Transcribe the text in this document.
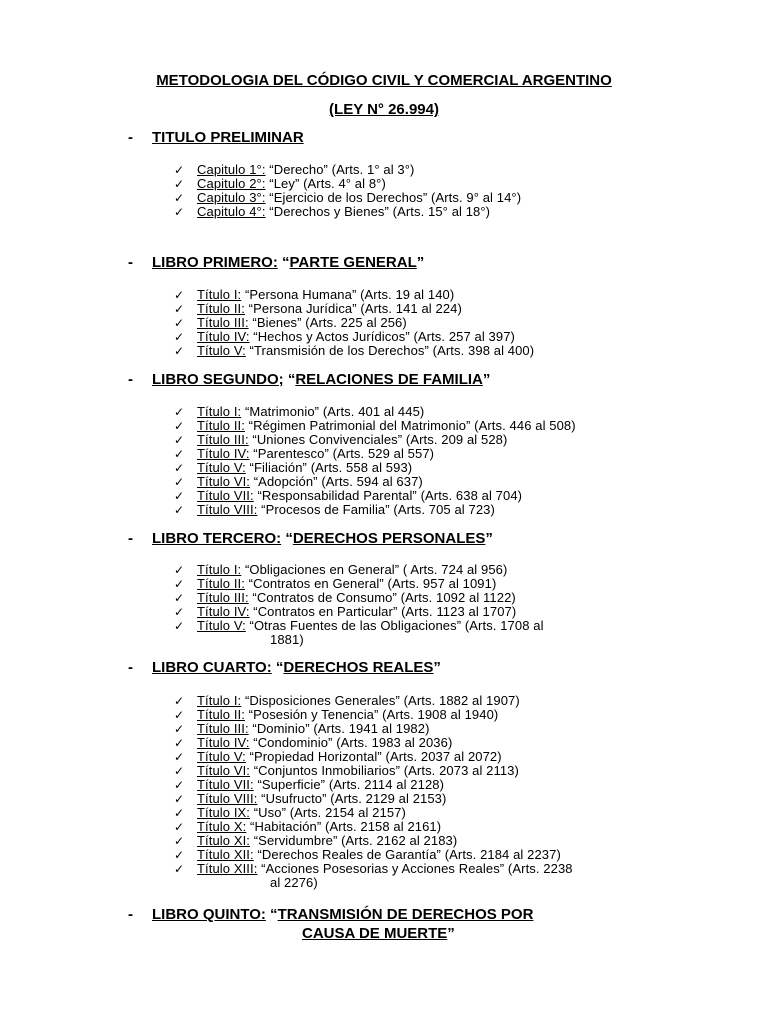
METODOLOGIA DEL CÓDIGO CIVIL Y COMERCIAL ARGENTINO
(LEY N° 26.994)
- TITULO PRELIMINAR
✓ Capitulo 1°: “Derecho” (Arts. 1° al 3°)
✓ Capitulo 2°: “Ley” (Arts. 4° al 8°)
✓ Capitulo 3°: “Ejercicio de los Derechos” (Arts. 9° al 14°)
✓ Capitulo 4°: “Derechos y Bienes” (Arts. 15° al 18°)
- LIBRO PRIMERO: “PARTE GENERAL”
✓ Título I: “Persona Humana” (Arts. 19 al 140)
✓ Título II: “Persona Jurídica” (Arts. 141 al 224)
✓ Título III: “Bienes” (Arts. 225 al 256)
✓ Título IV: “Hechos y Actos Jurídicos” (Arts. 257 al 397)
✓ Título V: “Transmisión de los Derechos” (Arts. 398 al 400)
- LIBRO SEGUNDO; “RELACIONES DE FAMILIA”
✓ Título I: “Matrimonio” (Arts. 401 al 445)
✓ Título II: “Régimen Patrimonial del Matrimonio” (Arts. 446 al 508)
✓ Título III: “Uniones Convivenciales” (Arts. 209 al 528)
✓ Título IV: “Parentesco” (Arts. 529 al 557)
✓ Título V: “Filiación” (Arts. 558 al 593)
✓ Título VI: “Adopción” (Arts. 594 al 637)
✓ Título VII: “Responsabilidad Parental” (Arts. 638 al 704)
✓ Título VIII: “Procesos de Familia” (Arts. 705 al 723)
- LIBRO TERCERO: “DERECHOS PERSONALES”
✓ Título I: “Obligaciones en General” ( Arts. 724 al 956)
✓ Título II: “Contratos en General” (Arts. 957 al 1091)
✓ Título III: “Contratos de Consumo” (Arts. 1092 al 1122)
✓ Título IV: “Contratos en Particular” (Arts. 1123 al 1707)
✓ Título V: “Otras Fuentes de las Obligaciones” (Arts. 1708 al
1881)
- LIBRO CUARTO: “DERECHOS REALES”
✓ Título I: “Disposiciones Generales” (Arts. 1882 al 1907)
✓ Título II: “Posesión y Tenencia” (Arts. 1908 al 1940)
✓ Título III: “Dominio” (Arts. 1941 al 1982)
✓ Título IV: “Condominio” (Arts. 1983 al 2036)
✓ Título V: “Propiedad Horizontal” (Arts. 2037 al 2072)
✓ Título VI: “Conjuntos Inmobiliarios” (Arts. 2073 al 2113)
✓ Título VII: “Superficie” (Arts. 2114 al 2128)
✓ Título VIII: “Usufructo” (Arts. 2129 al 2153)
✓ Título IX: “Uso” (Arts. 2154 al 2157)
✓ Título X: “Habitación” (Arts. 2158 al 2161)
✓ Título XI: “Servidumbre” (Arts. 2162 al 2183)
✓ Título XII: “Derechos Reales de Garantía” (Arts. 2184 al 2237)
✓ Título XIII: “Acciones Posesorias y Acciones Reales” (Arts. 2238
al 2276)
- LIBRO QUINTO: “TRANSMISIÓN DE DERECHOS POR
CAUSA DE MUERTE”
